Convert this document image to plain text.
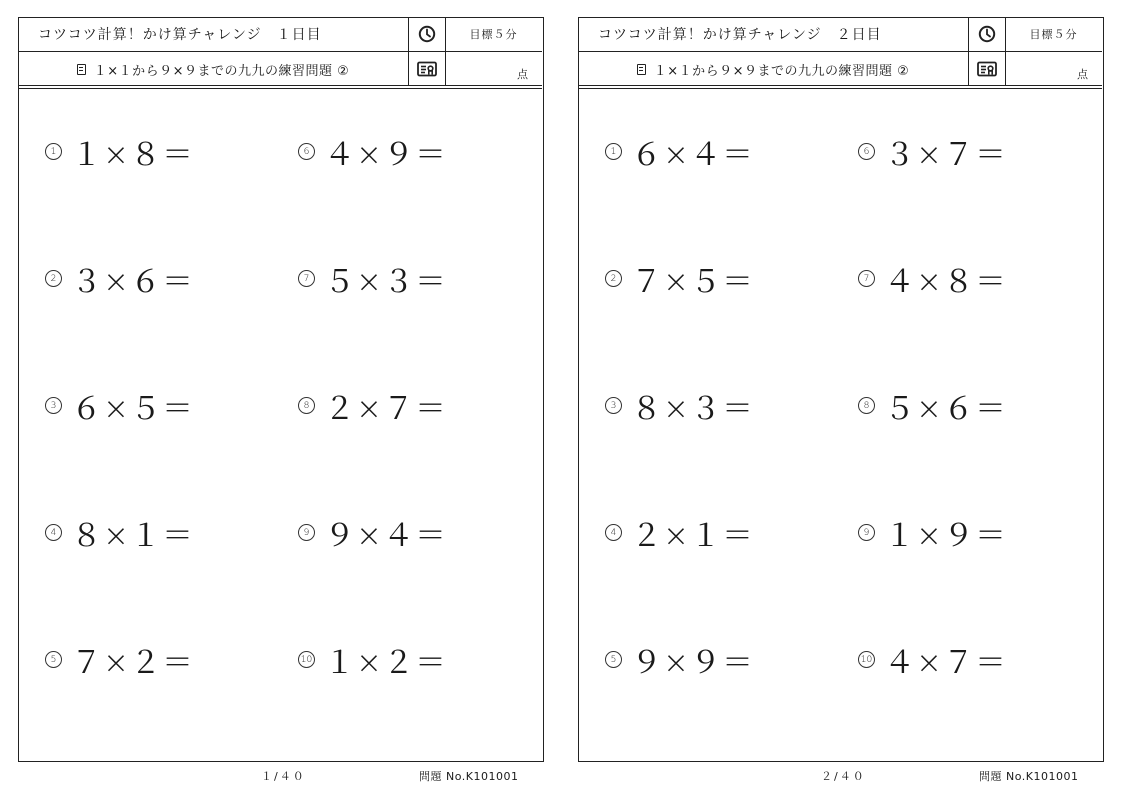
コツコツ計算！かけ算チャレンジ　１日目	目標５分
１×１から９×９までの九九の練習問題 ②	点
1 １×８＝
2 ３×６＝
3 ６×５＝
4 ８×１＝
5 ７×２＝
6 ４×９＝
7 ５×３＝
8 ２×７＝
9 ９×４＝
10 １×２＝
１/４０	問題 No.K101001
コツコツ計算！かけ算チャレンジ　２日目	目標５分
１×１から９×９までの九九の練習問題 ②	点
1 ６×４＝
2 ７×５＝
3 ８×３＝
4 ２×１＝
5 ９×９＝
6 ３×７＝
7 ４×８＝
8 ５×６＝
9 １×９＝
10 ４×７＝
２/４０	問題 No.K101001
